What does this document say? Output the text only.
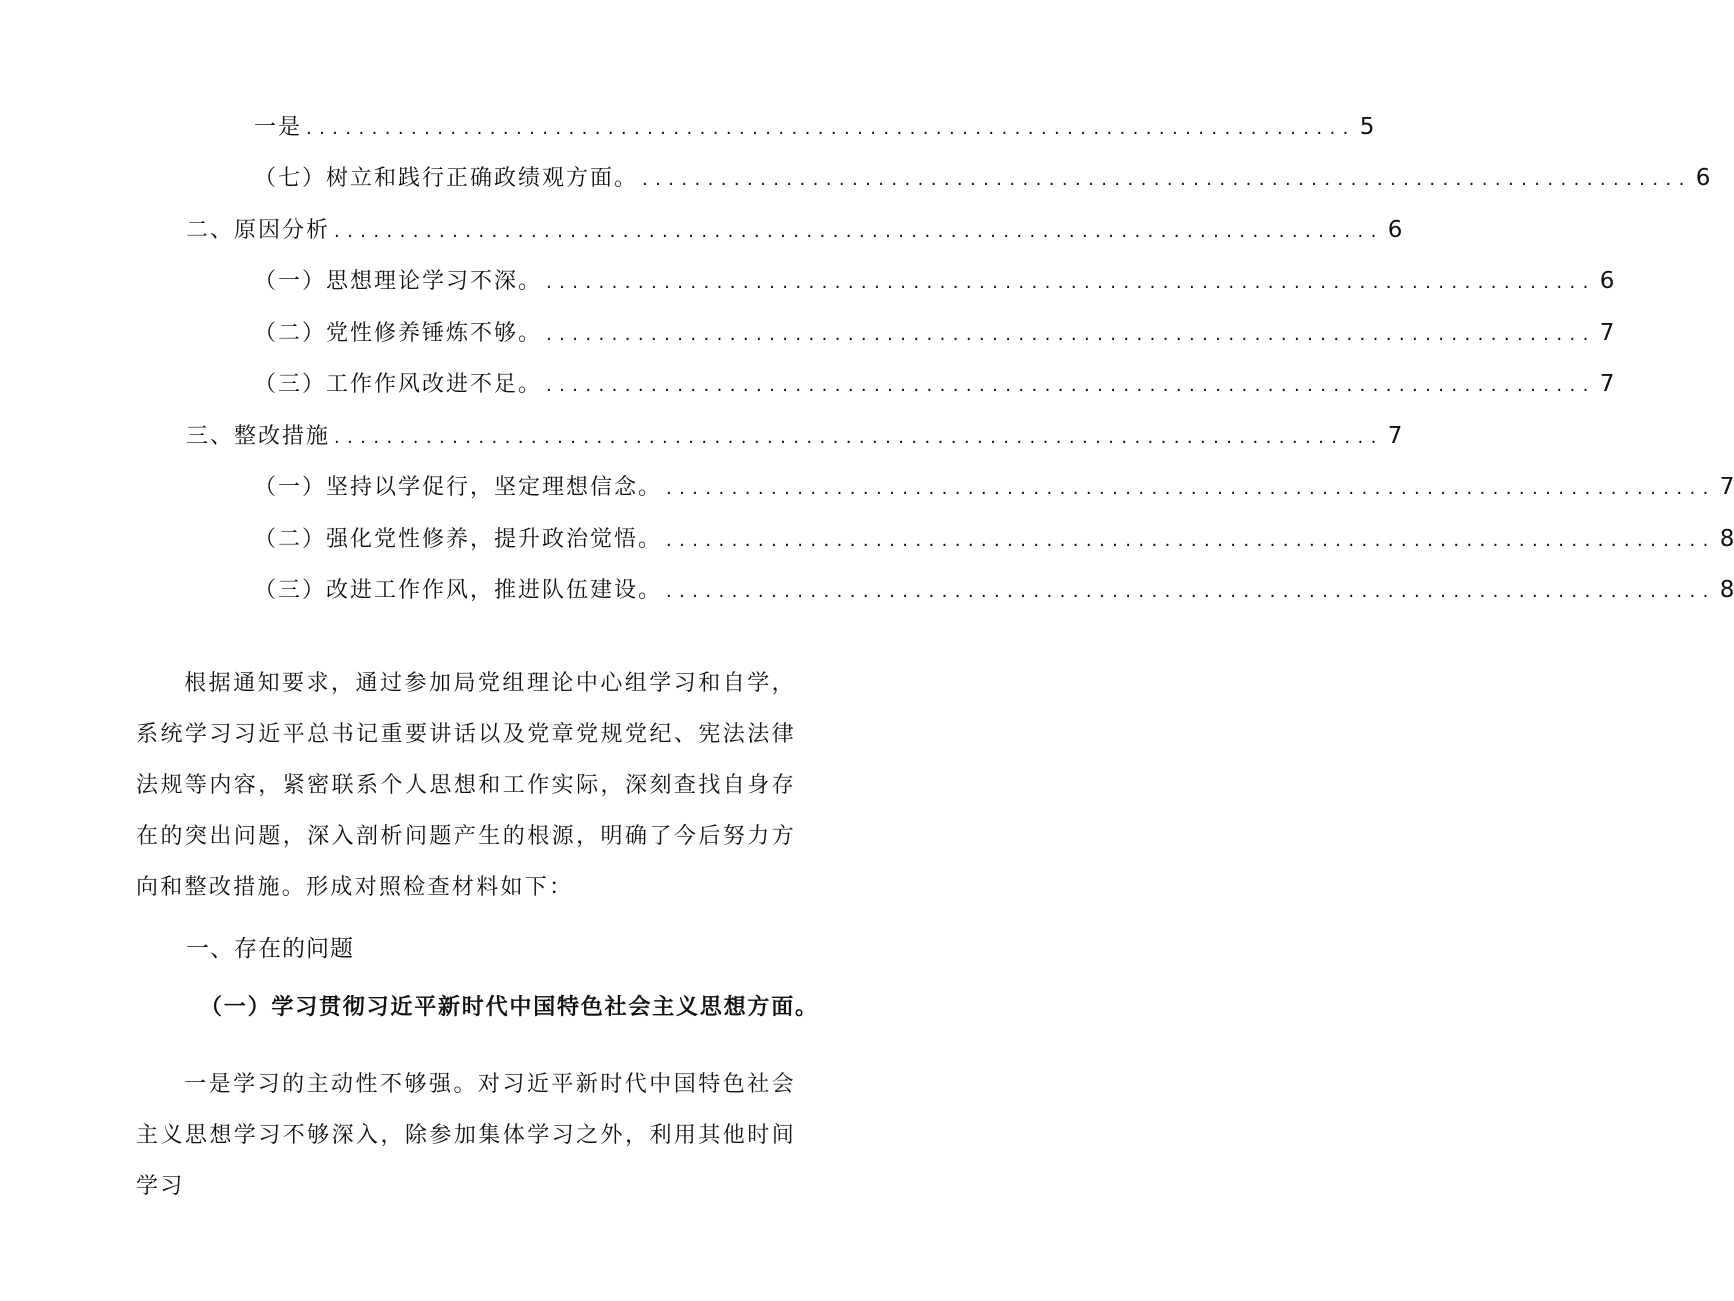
一是 ................................................................................ 5
（七）树立和践行正确政绩观方面。 ................................................................................ 6
二、原因分析 ................................................................................ 6
（一）思想理论学习不深。 ................................................................................ 6
（二）党性修养锤炼不够。 ................................................................................ 7
（三）工作作风改进不足。 ................................................................................ 7
三、整改措施 ................................................................................ 7
（一）坚持以学促行，坚定理想信念。 ................................................................................ 7
（二）强化党性修养，提升政治觉悟。 ................................................................................ 8
（三）改进工作作风，推进队伍建设。 ................................................................................ 8
根据通知要求，通过参加局党组理论中心组学习和自学，系统学习习近平总书记重要讲话以及党章党规党纪、宪法法律法规等内容，紧密联系个人思想和工作实际，深刻查找自身存在的突出问题，深入剖析问题产生的根源，明确了今后努力方向和整改措施。形成对照检查材料如下：
一、存在的问题
（一）学习贯彻习近平新时代中国特色社会主义思想方面。
一是学习的主动性不够强。对习近平新时代中国特色社会主义思想学习不够深入，除参加集体学习之外，利用其他时间学习
